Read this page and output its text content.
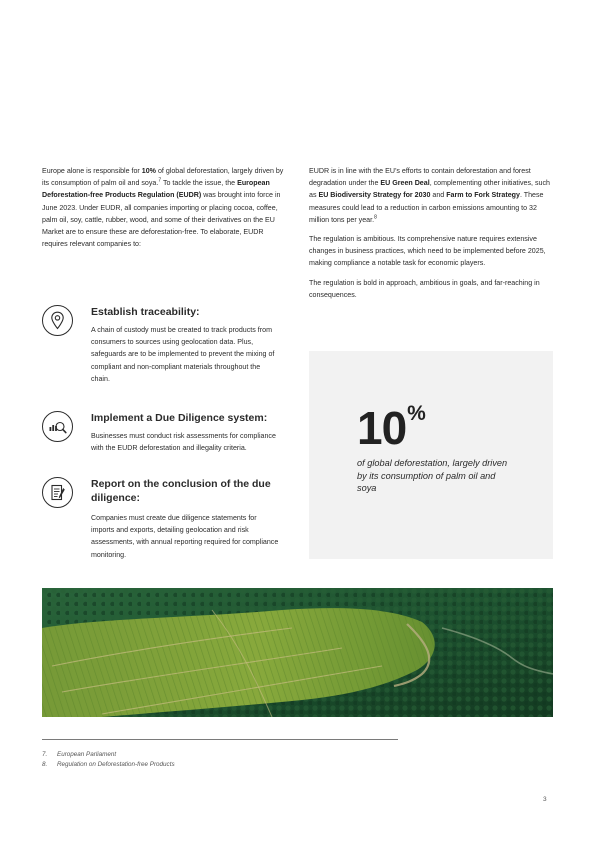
Europe alone is responsible for 10% of global deforestation, largely driven by its consumption of palm oil and soya.$^7$ To tackle the issue, the European Deforestation-free Products Regulation (EUDR) was brought into force in June 2023. Under EUDR, all companies importing or placing cocoa, coffee, palm oil, soy, cattle, rubber, wood, and some of their derivatives on the EU Market are to ensure these are deforestation-free. To elaborate, EUDR requires relevant companies to:

Establish traceability:

A chain of custody must be created to track products from consumers to sources using geolocation data. Plus, safeguards are to be implemented to prevent the mixing of compliant and non-compliant materials throughout the chain.

Implement a Due Diligence system:

Businesses must conduct risk assessments for compliance with the EUDR deforestation and illegality criteria.

Report on the conclusion of the due diligence:

Companies must create due diligence statements for imports and exports, detailing geolocation and risk assessments, with annual reporting required for compliance monitoring.

EUDR is in line with the EU’s efforts to contain deforestation and forest degradation under the EU Green Deal, complementing other initiatives, such as EU Biodiversity Strategy for 2030 and Farm to Fork Strategy. These measures could lead to a reduction in carbon emissions amounting to 32 million tons per year.$^8$

The regulation is ambitious. Its comprehensive nature requires extensive changes in business practices, which need to be implemented before 2025, making compliance a notable task for economic players.

The regulation is bold in approach, ambitious in goals, and far-reaching in consequences.

10%
of global deforestation, largely driven by its consumption of palm oil and soya

7. European Parliament

8. Regulation on Deforestation-free Products

3
